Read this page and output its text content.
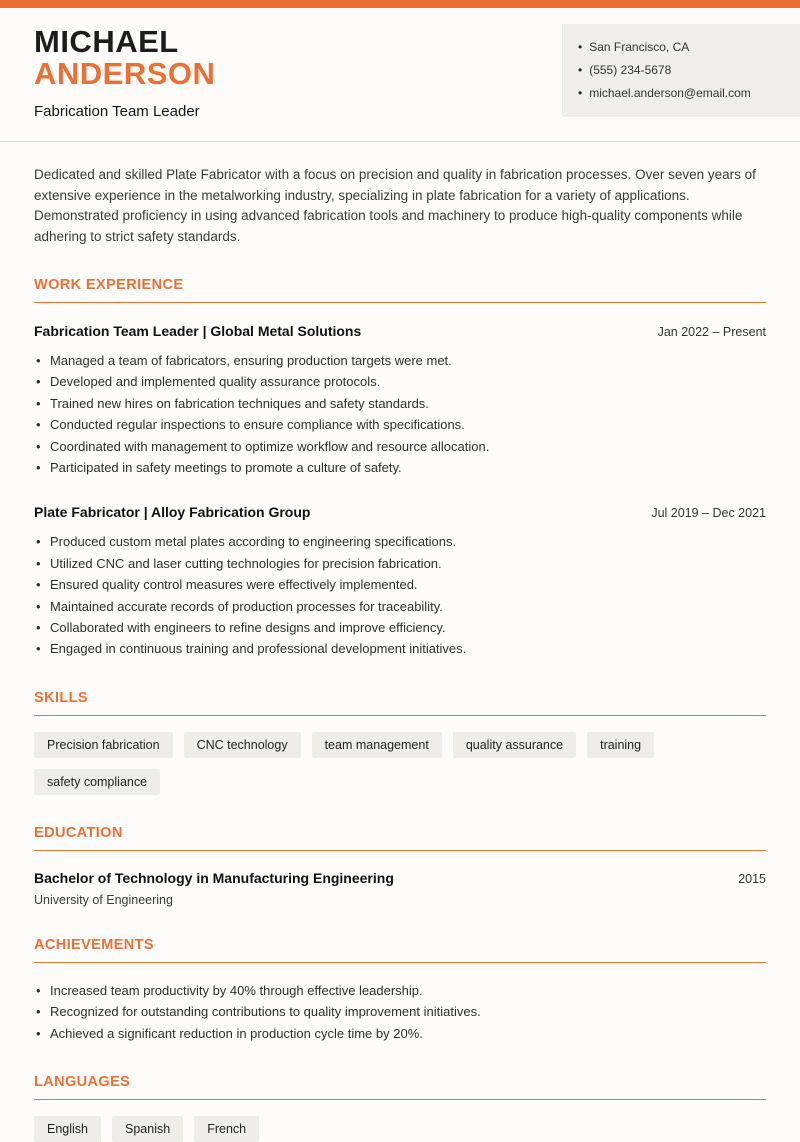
MICHAEL
ANDERSON
Fabrication Team Leader
• San Francisco, CA
• (555) 234-5678
• michael.anderson@email.com

Dedicated and skilled Plate Fabricator with a focus on precision and quality in fabrication processes. Over seven years of extensive experience in the metalworking industry, specializing in plate fabrication for a variety of applications. Demonstrated proficiency in using advanced fabrication tools and machinery to produce high-quality components while adhering to strict safety standards.

WORK EXPERIENCE
Fabrication Team Leader | Global Metal Solutions	Jan 2022 – Present
• Managed a team of fabricators, ensuring production targets were met.
• Developed and implemented quality assurance protocols.
• Trained new hires on fabrication techniques and safety standards.
• Conducted regular inspections to ensure compliance with specifications.
• Coordinated with management to optimize workflow and resource allocation.
• Participated in safety meetings to promote a culture of safety.
Plate Fabricator | Alloy Fabrication Group	Jul 2019 – Dec 2021
• Produced custom metal plates according to engineering specifications.
• Utilized CNC and laser cutting technologies for precision fabrication.
• Ensured quality control measures were effectively implemented.
• Maintained accurate records of production processes for traceability.
• Collaborated with engineers to refine designs and improve efficiency.
• Engaged in continuous training and professional development initiatives.
SKILLS
Precision fabrication	CNC technology	team management	quality assurance	training
safety compliance
EDUCATION
Bachelor of Technology in Manufacturing Engineering	2015
University of Engineering
ACHIEVEMENTS
• Increased team productivity by 40% through effective leadership.
• Recognized for outstanding contributions to quality improvement initiatives.
• Achieved a significant reduction in production cycle time by 20%.
LANGUAGES
English	Spanish	French
